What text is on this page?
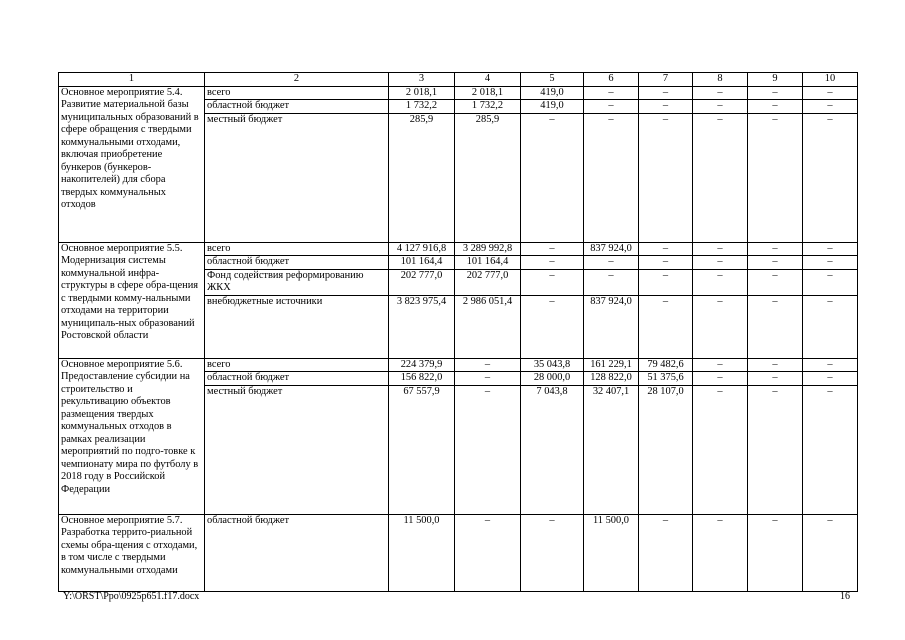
1	2	3	4	5	6	7	8	9	10
Основное мероприятие 5.4. Развитие материальной базы муниципальных образований в сфере обращения с твердыми коммунальными отходами, включая приобретение бункеров (бункеров-накопителей) для сбора твердых коммунальных отходов	всего	2 018,1	2 018,1	419,0	–	–	–	–	–
	областной бюджет	1 732,2	1 732,2	419,0	–	–	–	–	–
	местный бюджет	285,9	285,9	–	–	–	–	–	–
Основное мероприятие 5.5. Модернизация системы коммунальной инфра-структуры в сфере обра-щения с твердыми комму-нальными отходами на территории муниципаль-ных образований Ростовской области	всего	4 127 916,8	3 289 992,8	–	837 924,0	–	–	–	–
	областной бюджет	101 164,4	101 164,4	–	–	–	–	–	–
	Фонд содействия реформированию ЖКХ	202 777,0	202 777,0	–	–	–	–	–	–
	внебюджетные источники	3 823 975,4	2 986 051,4	–	837 924,0	–	–	–	–
Основное мероприятие 5.6. Предоставление субсидии на строительство и рекультивацию объектов размещения твердых коммунальных отходов в рамках реализации мероприятий по подго-товке к чемпионату мира по футболу в 2018 году в Российской Федерации	всего	224 379,9	–	35 043,8	161 229,1	79 482,6	–	–	–
	областной бюджет	156 822,0	–	28 000,0	128 822,0	51 375,6	–	–	–
	местный бюджет	67 557,9	–	7 043,8	32 407,1	28 107,0	–	–	–
Основное мероприятие 5.7. Разработка террито-риальной схемы обра-щения с отходами, в том числе с твердыми коммунальными отходами	областной бюджет	11 500,0	–	–	11 500,0	–	–	–	–
Y:\ORST\Ppo\0925p651.f17.docx	16
